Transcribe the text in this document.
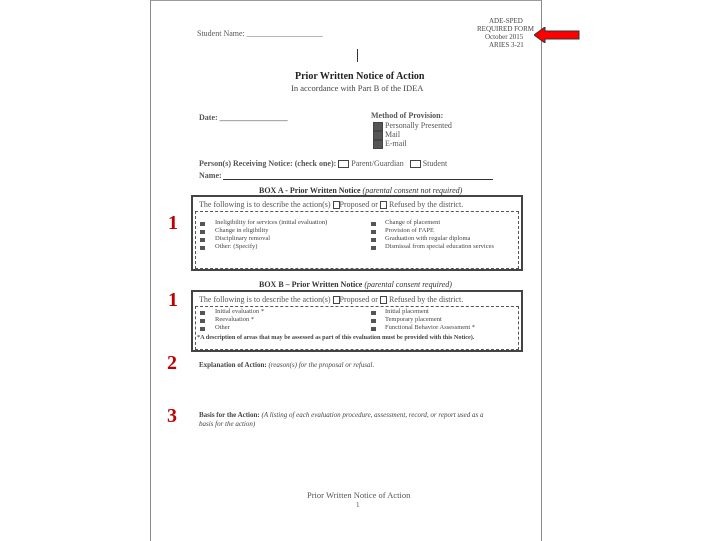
Student Name: ___________________
ADE-SPED
REQUIRED FORM
October 2015
ARIES 3-21
Prior Written Notice of Action
In accordance with Part B of the IDEA
Date: _________________	Method of Provision:
Personally Presented
Mail
E-mail
Person(s) Receiving Notice: (check one): Parent/Guardian Student
Name:
BOX A - Prior Written Notice (parental consent not required)
The following is to describe the action(s) Proposed or Refused by the district.
Ineligibility for services (initial evaluation)
Change in eligibility
Disciplinary removal
Other: (Specify)
Change of placement
Provision of FAPE
Graduation with regular diploma
Dismissal from special education services
BOX B – Prior Written Notice (parental consent required)
The following is to describe the action(s) Proposed or Refused by the district.
Initial evaluation *
Reevaluation *
Other
Initial placement
Temporary placement
Functional Behavior Assessment *
*A description of areas that may be assessed as part of this evaluation must be provided with this Notice).
Explanation of Action: (reason(s) for the proposal or refusal.
Basis for the Action: (A listing of each evaluation procedure, assessment, record, or report used as a
basis for the action)
Prior Written Notice of Action
1
1
1
2
3
